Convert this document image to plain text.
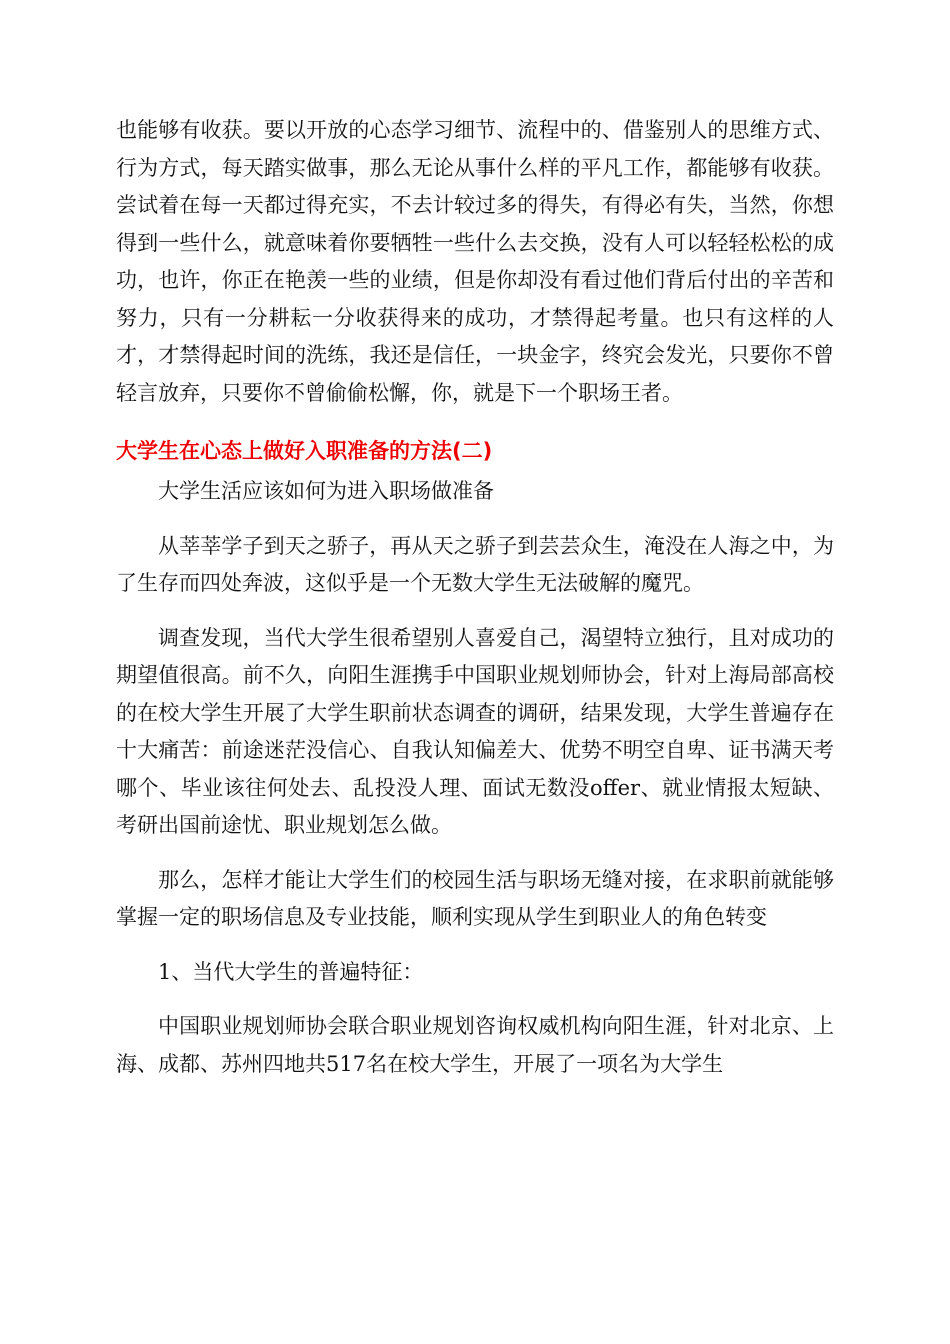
也能够有收获。要以开放的心态学习细节、流程中的、借鉴别人的思维方式、行为方式，每天踏实做事，那么无论从事什么样的平凡工作，都能够有收获。尝试着在每一天都过得充实，不去计较过多的得失，有得必有失，当然，你想得到一些什么，就意味着你要牺牲一些什么去交换，没有人可以轻轻松松的成功，也许，你正在艳羡一些的业绩，但是你却没有看过他们背后付出的辛苦和努力，只有一分耕耘一分收获得来的成功，才禁得起考量。也只有这样的人才，才禁得起时间的洗练，我还是信任，一块金字，终究会发光，只要你不曾轻言放弃，只要你不曾偷偷松懈，你，就是下一个职场王者。

大学生在心态上做好入职准备的方法(二)

大学生活应该如何为进入职场做准备

从莘莘学子到天之骄子，再从天之骄子到芸芸众生，淹没在人海之中，为了生存而四处奔波，这似乎是一个无数大学生无法破解的魔咒。

调查发现，当代大学生很希望别人喜爱自己，渴望特立独行，且对成功的期望值很高。前不久，向阳生涯携手中国职业规划师协会，针对上海局部高校的在校大学生开展了大学生职前状态调查的调研，结果发现，大学生普遍存在十大痛苦：前途迷茫没信心、自我认知偏差大、优势不明空自卑、证书满天考哪个、毕业该往何处去、乱投没人理、面试无数没offer、就业情报太短缺、考研出国前途忧、职业规划怎么做。

那么，怎样才能让大学生们的校园生活与职场无缝对接，在求职前就能够掌握一定的职场信息及专业技能，顺利实现从学生到职业人的角色转变

1、当代大学生的普遍特征：

中国职业规划师协会联合职业规划咨询权威机构向阳生涯，针对北京、上海、成都、苏州四地共517名在校大学生，开展了一项名为大学生
